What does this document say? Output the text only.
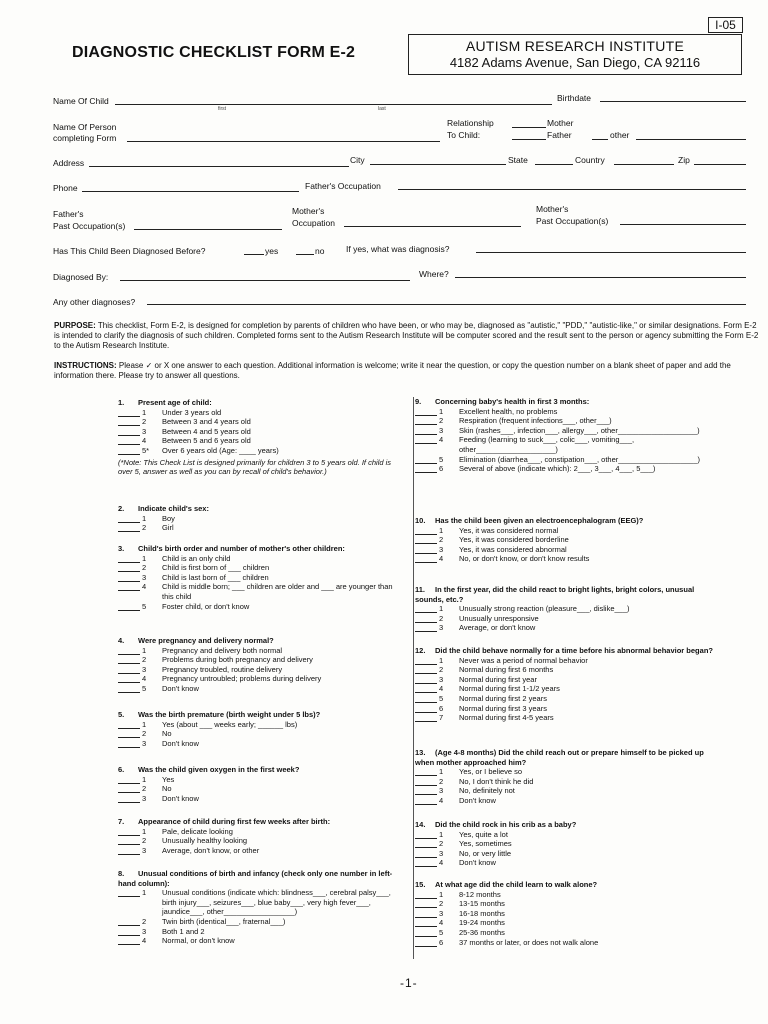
I-05
DIAGNOSTIC CHECKLIST FORM E-2	AUTISM RESEARCH INSTITUTE
4182 Adams Avenue, San Diego, CA 92116
Name Of Child
first	last
Birthdate
Name Of Person
completing Form
Relationship
To Child:
Mother
Father	other
Address	City	State	Country	Zip
Phone	Father's Occupation
Father's
Past Occupation(s)
Mother's
Occupation
Mother's
Past Occupation(s)
Has This Child Been Diagnosed Before?	yes	no	If yes, what was diagnosis?
Diagnosed By:	Where?
Any other diagnoses?
PURPOSE: This checklist, Form E-2, is designed for completion by parents of children who have been, or who may be, diagnosed as "autistic," "PDD," "autistic-like," or similar designations. Form E-2 is intended to clarify the diagnosis of such children. Completed forms sent to the Autism Research Institute will be computer scored and the result sent to the person or agency submitting the Form E-2 to the Autism Research Institute.
INSTRUCTIONS: Please ✓ or X one answer to each question. Additional information is welcome; write it near the question, or copy the question number on a blank sheet of paper and add the information there. Please try to answer all questions.
1. Present age of child:
1	Under 3 years old
2	Between 3 and 4 years old
3	Between 4 and 5 years old
4	Between 5 and 6 years old
5*	Over 6 years old (Age: ____ years)
(*Note: This Check List is designed primarily for children 3 to 5 years old. If child is over 5, answer as well as you can by recall of child's behavior.)
2. Indicate child's sex:
1	Boy
2	Girl
3. Child's birth order and number of mother's other children:
1	Child is an only child
2	Child is first born of ___ children
3	Child is last born of ___ children
4	Child is middle born; ___ children are older and ___ are younger than this child
5	Foster child, or don't know
4. Were pregnancy and delivery normal?
1	Pregnancy and delivery both normal
2	Problems during both pregnancy and delivery
3	Pregnancy troubled, routine delivery
4	Pregnancy untroubled; problems during delivery
5	Don't know
5. Was the birth premature (birth weight under 5 lbs)?
1	Yes (about ___ weeks early; ______ lbs)
2	No
3	Don't know
6. Was the child given oxygen in the first week?
1	Yes
2	No
3	Don't know
7. Appearance of child during first few weeks after birth:
1	Pale, delicate looking
2	Unusually healthy looking
3	Average, don't know, or other
8. Unusual conditions of birth and infancy (check only one number in left-hand column):
1	Unusual conditions (indicate which: blindness___, cerebral palsy___, birth injury___, seizures___, blue baby___, very high fever___, jaundice___, other_________________)
2	Twin birth (identical___, fraternal___)
3	Both 1 and 2
4	Normal, or don't know
9. Concerning baby's health in first 3 months:
1	Excellent health, no problems
2	Respiration (frequent infections___, other___)
3	Skin (rashes___, infection___, allergy___, other___________________)
4	Feeding (learning to suck___, colic___, vomiting___, other___________________)
5	Elimination (diarrhea___, constipation___, other___________________)
6	Several of above (indicate which): 2___, 3___, 4___, 5___)
10. Has the child been given an electroencephalogram (EEG)?
1	Yes, it was considered normal
2	Yes, it was considered borderline
3	Yes, it was considered abnormal
4	No, or don't know, or don't know results
11. In the first year, did the child react to bright lights, bright colors, unusual sounds, etc.?
1	Unusually strong reaction (pleasure___, dislike___)
2	Unusually unresponsive
3	Average, or don't know
12. Did the child behave normally for a time before his abnormal behavior began?
1	Never was a period of normal behavior
2	Normal during first 6 months
3	Normal during first year
4	Normal during first 1-1/2 years
5	Normal during first 2 years
6	Normal during first 3 years
7	Normal during first 4-5 years
13. (Age 4-8 months) Did the child reach out or prepare himself to be picked up when mother approached him?
1	Yes, or I believe so
2	No, I don't think he did
3	No, definitely not
4	Don't know
14. Did the child rock in his crib as a baby?
1	Yes, quite a lot
2	Yes, sometimes
3	No, or very little
4	Don't know
15. At what age did the child learn to walk alone?
1	8-12 months
2	13-15 months
3	16-18 months
4	19-24 months
5	25-36 months
6	37 months or later, or does not walk alone
-1-
